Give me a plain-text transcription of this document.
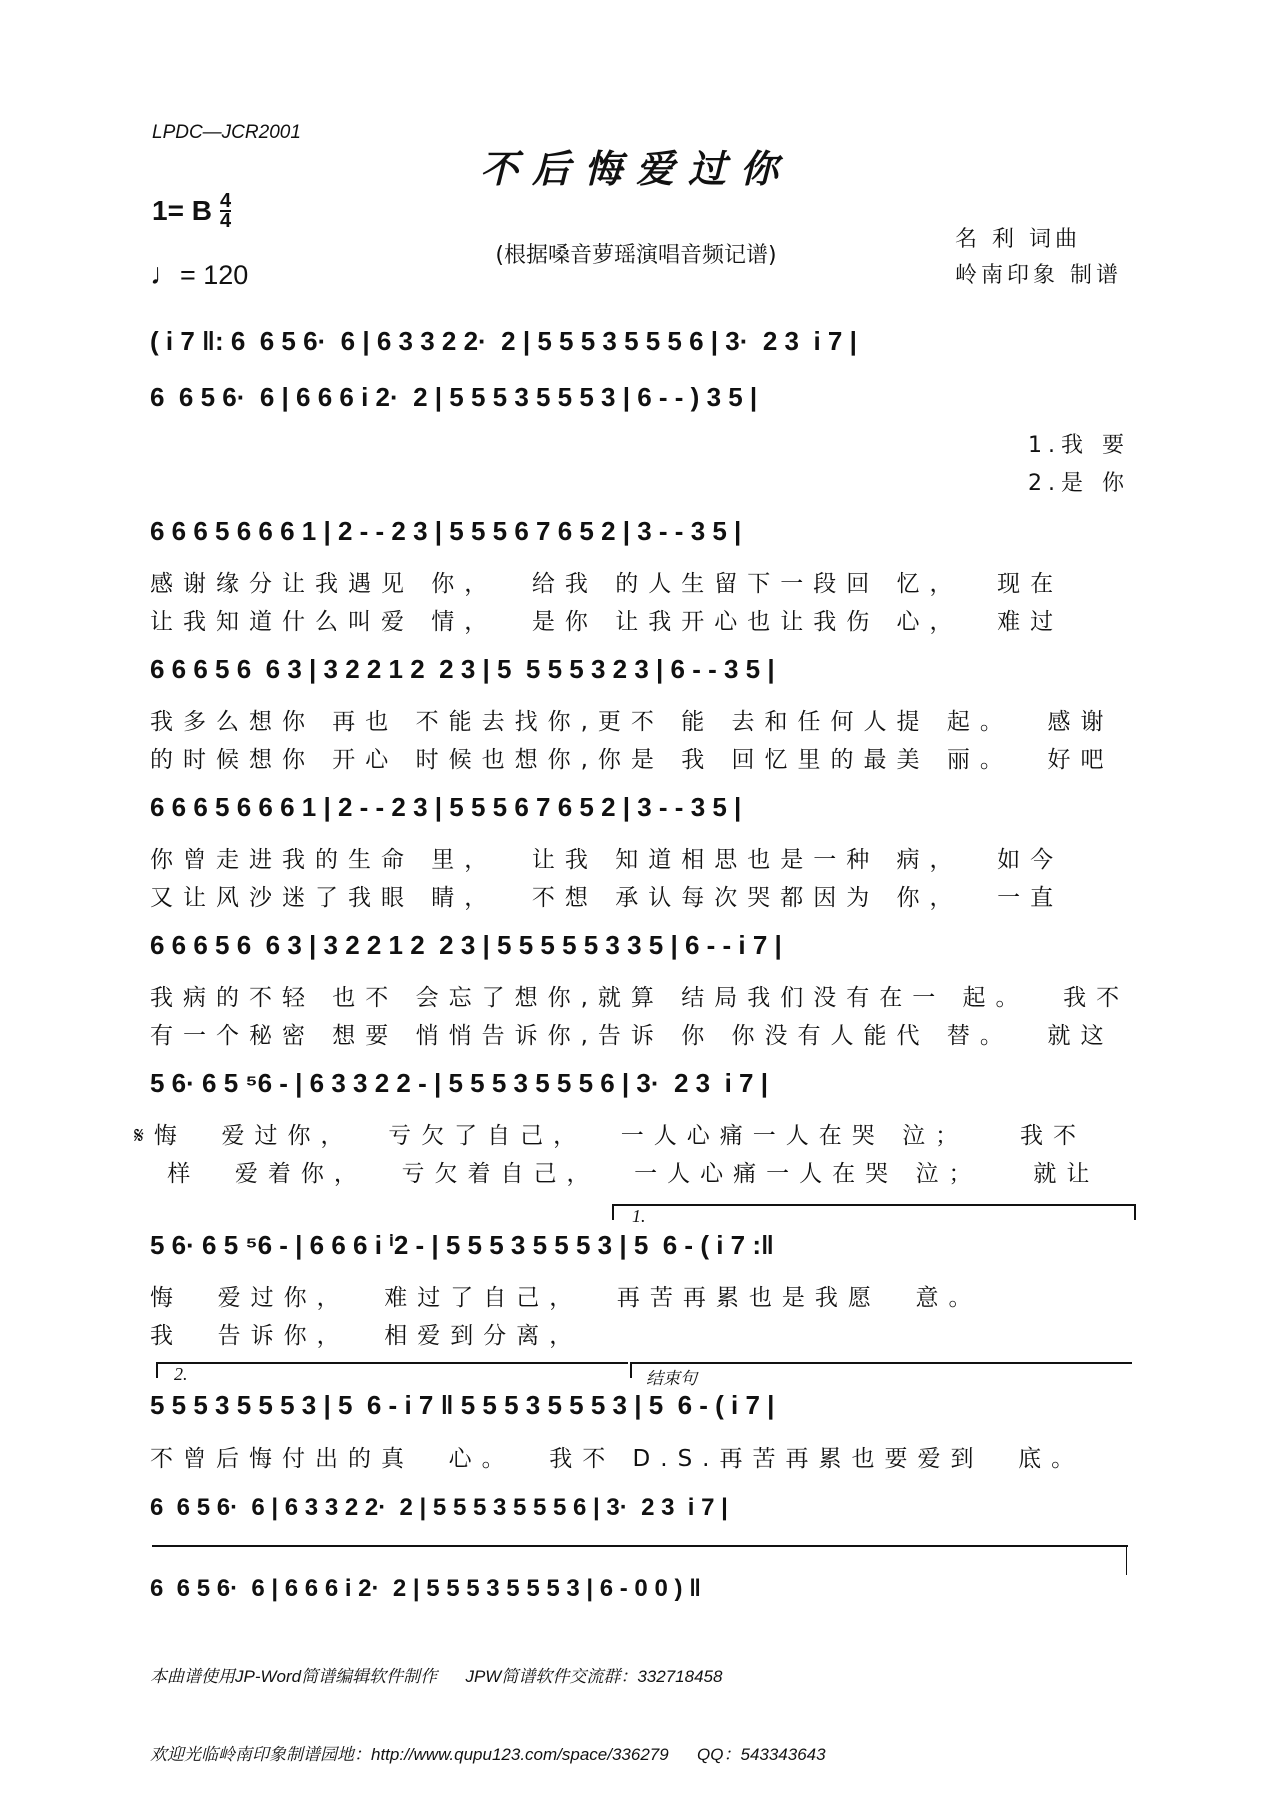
LPDC—JCR2001
不后悔爱过你
1= B $\frac{4}{4}$
♩= 120
(根据嗓音萝瑶演唱音频记谱)
名 利 词曲
岭南印象 制谱
( i 7 ‖: 6  6 5 6·  6 | 6 3 3 2 2·  2 | 5 5 5 3 5 5 5 6 | 3·  2 3  i 7 |
6  6 5 6·  6 | 6 6 6 i 2·  2 | 5 5 5 3 5 5 5 3 | 6 - - ) 3 5 |
1.我 要
2.是 你
6 6 6 5 6 6 6 1 | 2 - - 2 3 | 5 5 5 6 7 6 5 2 | 3 - - 3 5 |
感谢缘分让我遇见 你，  给我 的人生留下一段回 忆，  现在
让我知道什么叫爱 情，  是你 让我开心也让我伤 心，  难过
6 6 6 5 6  6 3 | 3 2 2 1 2  2 3 | 5  5 5 5 3 2 3 | 6 - - 3 5 |
我多么想你 再也 不能去找你,更不 能 去和任何人提 起。  感谢
的时候想你 开心 时候也想你,你是 我 回忆里的最美 丽。  好吧
6 6 6 5 6 6 6 1 | 2 - - 2 3 | 5 5 5 6 7 6 5 2 | 3 - - 3 5 |
你曾走进我的生命 里，  让我 知道相思也是一种 病，  如今
又让风沙迷了我眼 睛，  不想 承认每次哭都因为 你，  一直
6 6 6 5 6  6 3 | 3 2 2 1 2  2 3 | 5 5 5 5 5 3 3 5 | 6 - - i 7 |
我病的不轻 也不 会忘了想你,就算 结局我们没有在一 起。  我不
有一个秘密 想要 悄悄告诉你,告诉 你 你没有人能代 替。  就这
5 6· 6 5 ⁵6 - | 6 3 3 2 2 - | 5 5 5 3 5 5 5 6 | 3·  2 3  i 7 |
𝄋悔  爱过你，  亏欠了自己，  一人心痛一人在哭 泣；   我不
样  爱着你，  亏欠着自己，  一人心痛一人在哭 泣；   就让
1.
5 6· 6 5 ⁵6 - | 6 6 6 i ⁱ2 - | 5 5 5 3 5 5 5 3 | 5  6 - ( i 7 :‖
悔  爱过你，  难过了自己，  再苦再累也是我愿  意。
我  告诉你，  相爱到分离，
2.	结束句
5 5 5 3 5 5 5 3 | 5  6 - i 7 ‖ 5 5 5 3 5 5 5 3 | 5  6 - ( i 7 |
不曾后悔付出的真  心。  我不 D.S.再苦再累也要爱到  底。
6  6 5 6·  6 | 6 3 3 2 2·  2 | 5 5 5 3 5 5 5 6 | 3·  2 3  i 7 |
6  6 5 6·  6 | 6 6 6 i 2·  2 | 5 5 5 3 5 5 5 3 | 6 - 0 0 ) ‖

本曲谱使用JP-Word简谱编辑软件制作      JPW简谱软件交流群：332718458

欢迎光临岭南印象制谱园地：http://www.qupu123.com/space/336279      QQ：543343643
